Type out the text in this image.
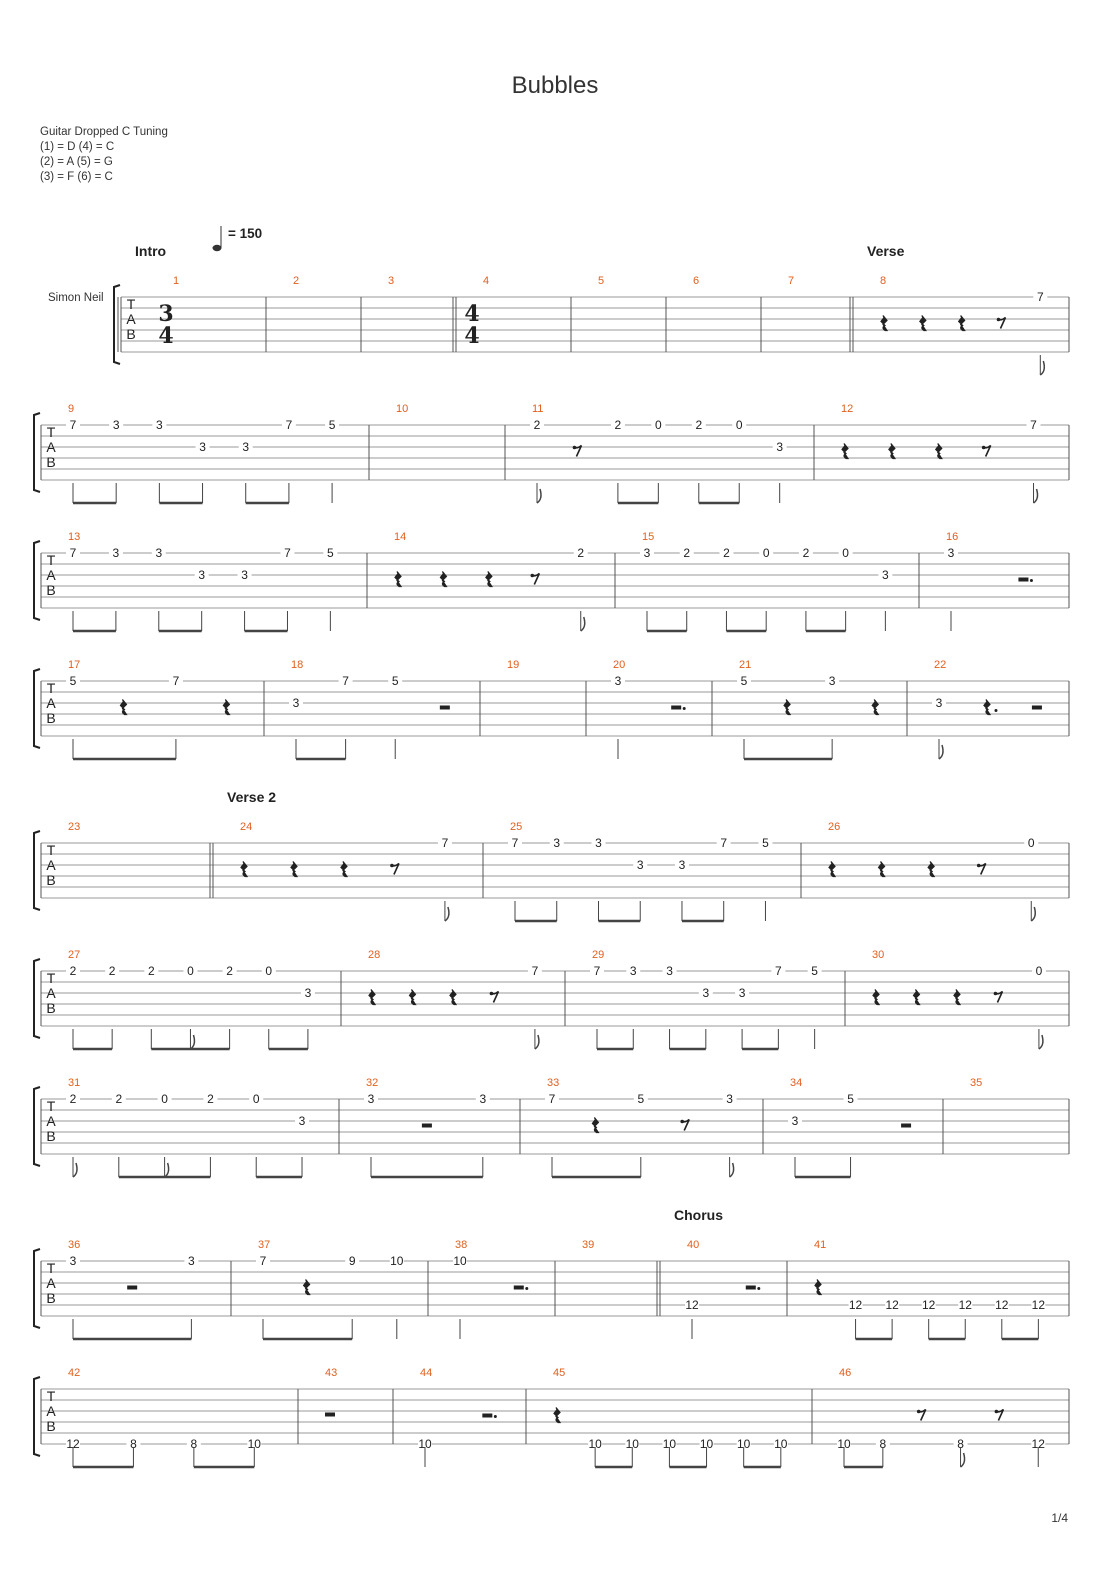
Bubbles
Guitar Dropped C Tuning
(1) = D (4) = C
(2) = A (5) = G
(3) = F (6) = C
= 150
Simon Neil T
A
B
Intro	Verse
1
3
4
2	3	4
4
4
5	6	7	8
7
T
A
B
9
7	3	3
3	3
7	5
10	11
2	2	0	2	0
3
12
7
T
A
B
13
7	3	3
3	3
7	5
14
2
15
3	2	2	0	2	0
3
16
3
T
A
B
17
5	7
18
3
7	5
19	20
3
21
5	3
22
3
T
A
B
Verse 2
23	24
7
25
7	3	3
3	3
7	5
26
0
T
A
B
27
2	2	2	0	2	0
3
28
7
29
7 3 3
3 3
7 5
30
0
T
A
B
31
2	2	0	2	0
3
32
3	3
33
7	5	3
34
3
5
35
T
A
B
Chorus
36
3	3
37
7	9	10
38
10
39	40
12
41
12 12 12 12 12 12
T
A
B
42
12	8	8	10
43	44
10
45
10 10 10 10 10 10
46
10 8	8	12
1/4
